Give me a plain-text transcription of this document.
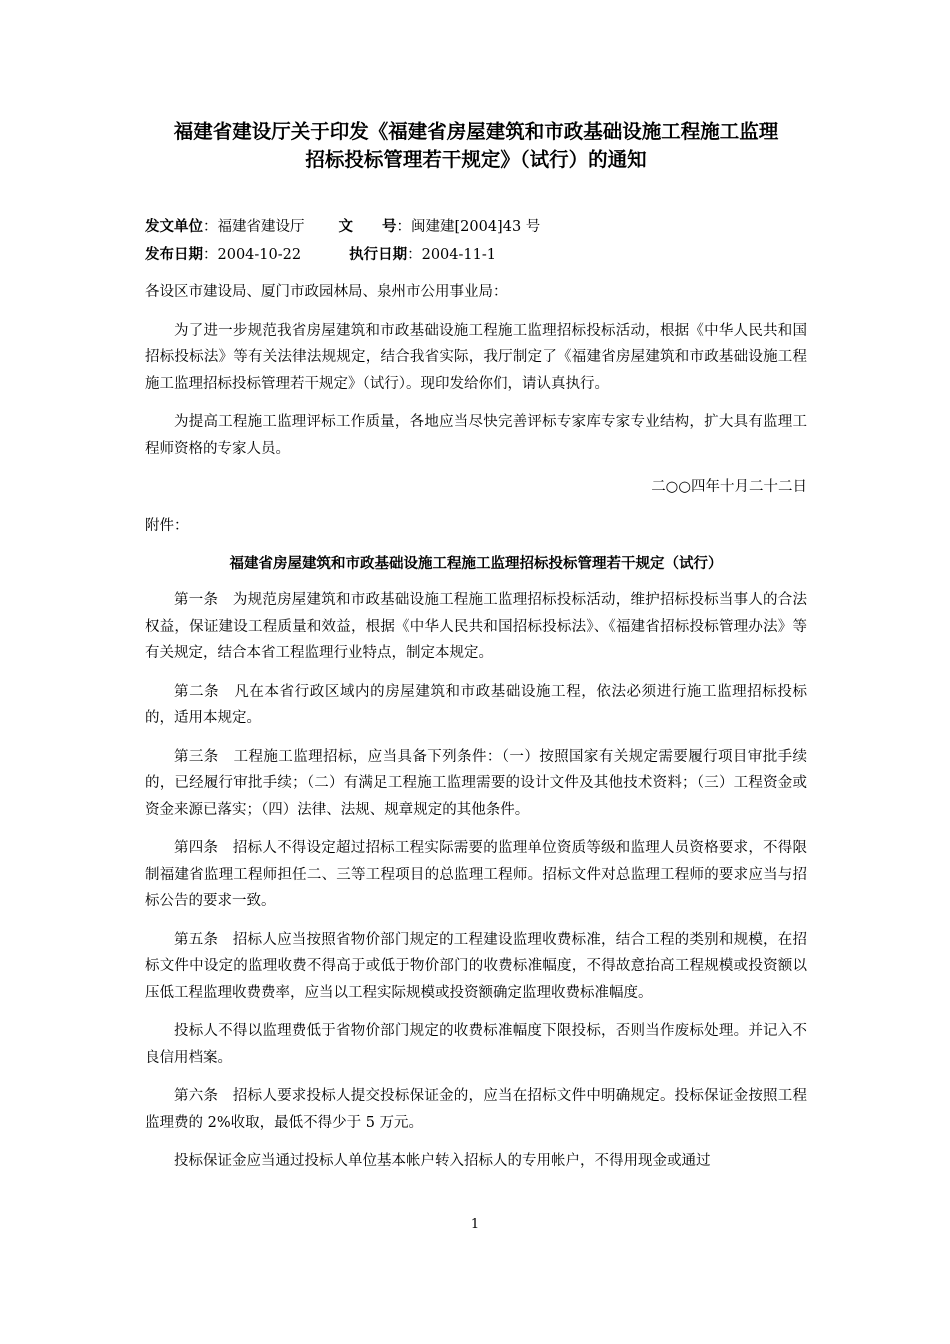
福建省建设厅关于印发《福建省房屋建筑和市政基础设施工程施工监理
招标投标管理若干规定》（试行）的通知
发文单位：福建省建设厅 文　　号：闽建建[2004]43 号
发布日期：2004-10-22	执行日期：2004-11-1

各设区市建设局、厦门市政园林局、泉州市公用事业局：

为了进一步规范我省房屋建筑和市政基础设施工程施工监理招标投标活动，根据《中华人民共和国招标投标法》等有关法律法规规定，结合我省实际，我厅制定了《福建省房屋建筑和市政基础设施工程施工监理招标投标管理若干规定》（试行）。现印发给你们，请认真执行。

为提高工程施工监理评标工作质量，各地应当尽快完善评标专家库专家专业结构，扩大具有监理工程师资格的专家人员。

二○○四年十月二十二日

附件：

福建省房屋建筑和市政基础设施工程施工监理招标投标管理若干规定（试行）

第一条　为规范房屋建筑和市政基础设施工程施工监理招标投标活动，维护招标投标当事人的合法权益，保证建设工程质量和效益，根据《中华人民共和国招标投标法》、《福建省招标投标管理办法》等有关规定，结合本省工程监理行业特点，制定本规定。

第二条　凡在本省行政区域内的房屋建筑和市政基础设施工程，依法必须进行施工监理招标投标的，适用本规定。

第三条　工程施工监理招标，应当具备下列条件：（一）按照国家有关规定需要履行项目审批手续的，已经履行审批手续；（二）有满足工程施工监理需要的设计文件及其他技术资料；（三）工程资金或资金来源已落实；（四）法律、法规、规章规定的其他条件。

第四条　招标人不得设定超过招标工程实际需要的监理单位资质等级和监理人员资格要求，不得限制福建省监理工程师担任二、三等工程项目的总监理工程师。招标文件对总监理工程师的要求应当与招标公告的要求一致。

第五条　招标人应当按照省物价部门规定的工程建设监理收费标准，结合工程的类别和规模，在招标文件中设定的监理收费不得高于或低于物价部门的收费标准幅度，不得故意抬高工程规模或投资额以压低工程监理收费费率，应当以工程实际规模或投资额确定监理收费标准幅度。

投标人不得以监理费低于省物价部门规定的收费标准幅度下限投标，否则当作废标处理。并记入不良信用档案。

第六条　招标人要求投标人提交投标保证金的，应当在招标文件中明确规定。投标保证金按照工程监理费的 2%收取，最低不得少于 5 万元。

投标保证金应当通过投标人单位基本帐户转入招标人的专用帐户，不得用现金或通过

1
